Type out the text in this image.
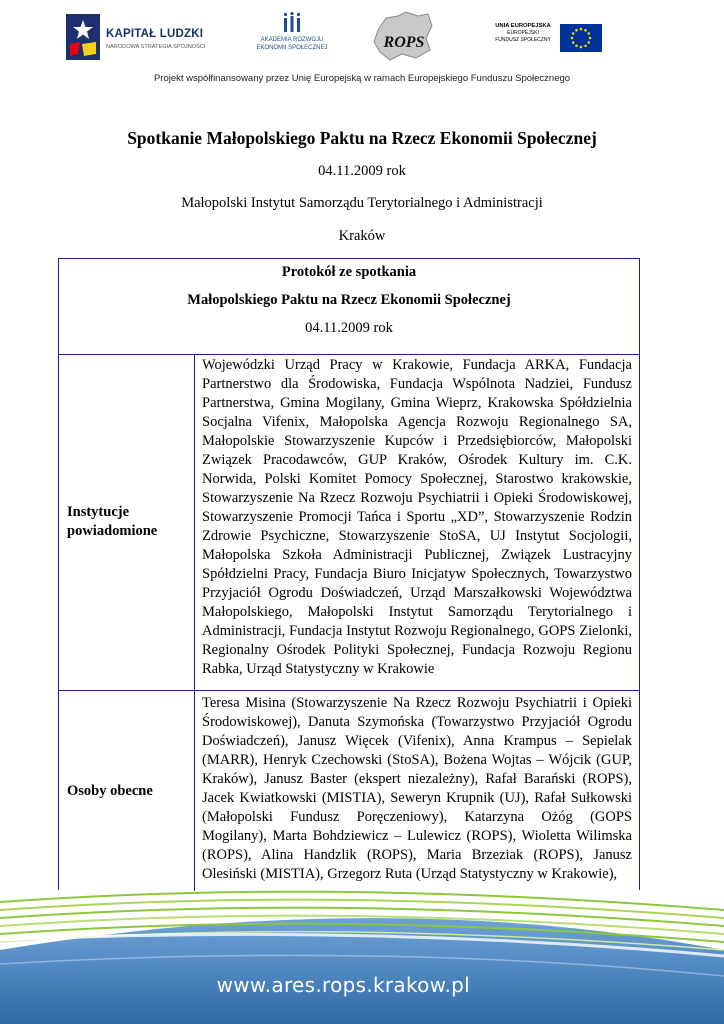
KAPITAŁ LUDZKI
NARODOWA STRATEGIA SPÓJNOŚCI
AKADEMIA ROZWOJU
EKONOMII SPOŁECZNEJ	ROPS
UNIA EUROPEJSKA
EUROPEJSKI
FUNDUSZ SPOŁECZNY
Projekt współfinansowany przez Unię Europejską w ramach Europejskiego Funduszu Społecznego
Spotkanie Małopolskiego Paktu na Rzecz Ekonomii Społecznej
04.11.2009 rok
Małopolski Instytut Samorządu Terytorialnego i Administracji
Kraków
Protokół ze spotkania
Małopolskiego Paktu na Rzecz Ekonomii Społecznej
04.11.2009 rok
Instytucje powiadomione
Wojewódzki Urząd Pracy w Krakowie, Fundacja ARKA, Fundacja Partnerstwo dla Środowiska, Fundacja Wspólnota Nadziei, Fundusz Partnerstwa, Gmina Mogilany, Gmina Wieprz, Krakowska Spółdzielnia Socjalna Vifenix, Małopolska Agencja Rozwoju Regionalnego SA, Małopolskie Stowarzyszenie Kupców i Przedsiębiorców, Małopolski Związek Pracodawców, GUP Kraków, Ośrodek Kultury im. C.K. Norwida, Polski Komitet Pomocy Społecznej, Starostwo krakowskie, Stowarzyszenie Na Rzecz Rozwoju Psychiatrii i Opieki Środowiskowej, Stowarzyszenie Promocji Tańca i Sportu „XD”, Stowarzyszenie Rodzin Zdrowie Psychiczne, Stowarzyszenie StoSA, UJ Instytut Socjologii, Małopolska Szkoła Administracji Publicznej, Związek Lustracyjny Spółdzielni Pracy, Fundacja Biuro Inicjatyw Społecznych, Towarzystwo Przyjaciół Ogrodu Doświadczeń, Urząd Marszałkowski Województwa Małopolskiego, Małopolski Instytut Samorządu Terytorialnego i Administracji, Fundacja Instytut Rozwoju Regionalnego, GOPS Zielonki, Regionalny Ośrodek Polityki Społecznej, Fundacja Rozwoju Regionu Rabka, Urząd Statystyczny w Krakowie
Osoby obecne
Teresa Misina (Stowarzyszenie Na Rzecz Rozwoju Psychiatrii i Opieki Środowiskowej), Danuta Szymońska (Towarzystwo Przyjaciół Ogrodu Doświadczeń), Janusz Więcek (Vifenix), Anna Krampus – Sepielak (MARR), Henryk Czechowski (StoSA), Bożena Wojtas – Wójcik (GUP, Kraków), Janusz Baster (ekspert niezależny), Rafał Barański (ROPS), Jacek Kwiatkowski (MISTIA), Seweryn Krupnik (UJ), Rafał Sułkowski (Małopolski Fundusz Poręczeniowy), Katarzyna Ożóg (GOPS Mogilany), Marta Bohdziewicz – Lulewicz (ROPS), Wioletta Wilimska (ROPS), Alina Handzlik (ROPS), Maria Brzeziak (ROPS), Janusz Olesiński (MISTIA), Grzegorz Ruta (Urząd Statystyczny w Krakowie),
www.ares.rops.krakow.pl
